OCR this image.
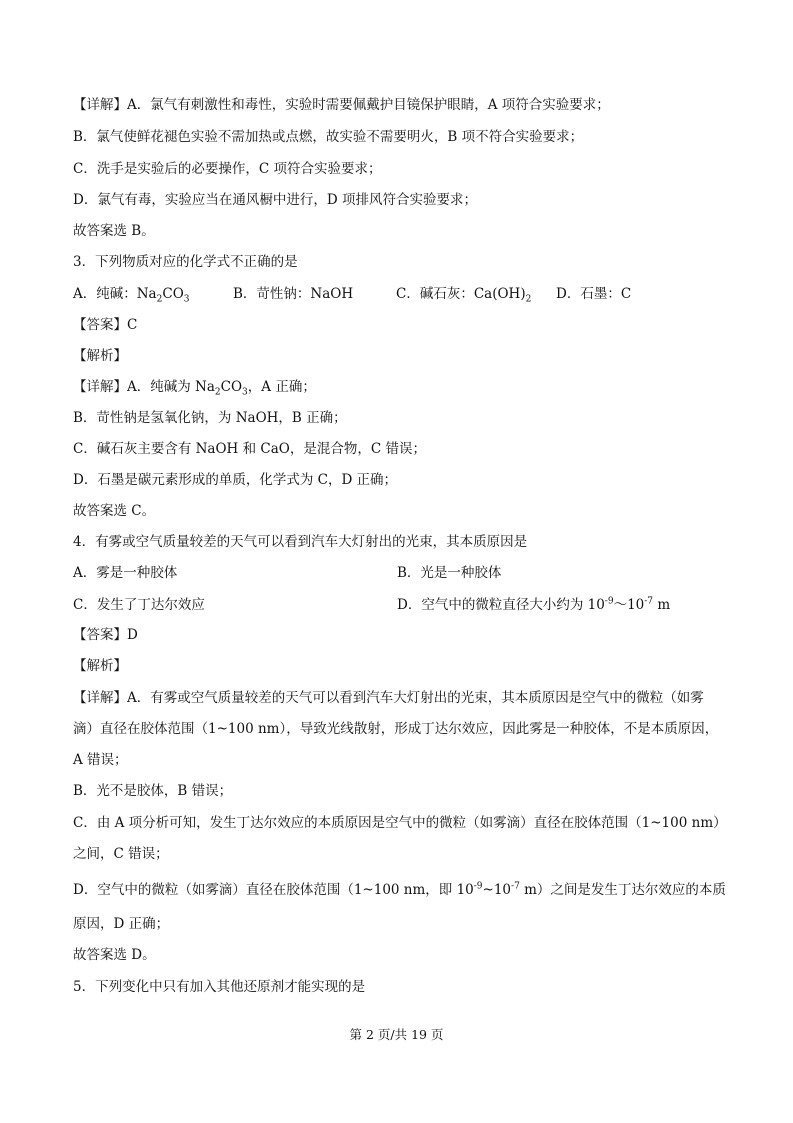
【详解】A．氯气有刺激性和毒性，实验时需要佩戴护目镜保护眼睛，A 项符合实验要求；
B．氯气使鲜花褪色实验不需加热或点燃，故实验不需要明火，B 项不符合实验要求；
C．洗手是实验后的必要操作，C 项符合实验要求；
D．氯气有毒，实验应当在通风橱中进行，D 项排风符合实验要求；
故答案选 B。
3．下列物质对应的化学式不正确的是
A．纯碱：$Na_2CO_3$	B．苛性钠：NaOH	C．碱石灰：$Ca(OH)_2$ D．石墨：C
【答案】C
【解析】
【详解】A．纯碱为 $Na_2CO_3$，A 正确；
B．苛性钠是氢氧化钠，为 NaOH，B 正确；
C．碱石灰主要含有 NaOH 和 CaO，是混合物，C 错误；
D．石墨是碳元素形成的单质，化学式为 C，D 正确；
故答案选 C。
4．有雾或空气质量较差的天气可以看到汽车大灯射出的光束，其本质原因是
A．雾是一种胶体	B．光是一种胶体
C．发生了丁达尔效应	D．空气中的微粒直径大小约为 $10^{-9}\sim 10^{-7}$ m
【答案】D
【解析】
【详解】A．有雾或空气质量较差的天气可以看到汽车大灯射出的光束，其本质原因是空气中的微粒（如雾
滴）直径在胶体范围（1~100 nm），导致光线散射，形成丁达尔效应，因此雾是一种胶体，不是本质原因，
A 错误；
B．光不是胶体，B 错误；
C．由 A 项分析可知，发生丁达尔效应的本质原因是空气中的微粒（如雾滴）直径在胶体范围（1~100 nm）
之间，C 错误；
D．空气中的微粒（如雾滴）直径在胶体范围（1~100 nm，即 $10^{-9}\sim 10^{-7}$ m）之间是发生丁达尔效应的本质
原因，D 正确；
故答案选 D。
5．下列变化中只有加入其他还原剂才能实现的是
第 2 页/共 19 页
